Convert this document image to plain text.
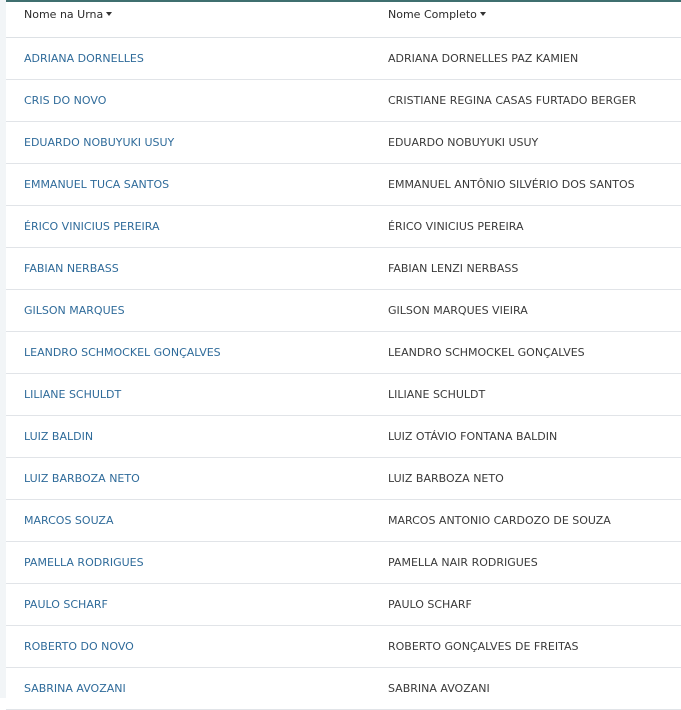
Nome na Urna	Nome Completo
ADRIANA DORNELLES	ADRIANA DORNELLES PAZ KAMIEN
CRIS DO NOVO	CRISTIANE REGINA CASAS FURTADO BERGER
EDUARDO NOBUYUKI USUY	EDUARDO NOBUYUKI USUY
EMMANUEL TUCA SANTOS	EMMANUEL ANTÔNIO SILVÉRIO DOS SANTOS
ÉRICO VINICIUS PEREIRA	ÉRICO VINICIUS PEREIRA
FABIAN NERBASS	FABIAN LENZI NERBASS
GILSON MARQUES	GILSON MARQUES VIEIRA
LEANDRO SCHMOCKEL GONÇALVES	LEANDRO SCHMOCKEL GONÇALVES
LILIANE SCHULDT	LILIANE SCHULDT
LUIZ BALDIN	LUIZ OTÁVIO FONTANA BALDIN
LUIZ BARBOZA NETO	LUIZ BARBOZA NETO
MARCOS SOUZA	MARCOS ANTONIO CARDOZO DE SOUZA
PAMELLA RODRIGUES	PAMELLA NAIR RODRIGUES
PAULO SCHARF	PAULO SCHARF
ROBERTO DO NOVO	ROBERTO GONÇALVES DE FREITAS
SABRINA AVOZANI	SABRINA AVOZANI
